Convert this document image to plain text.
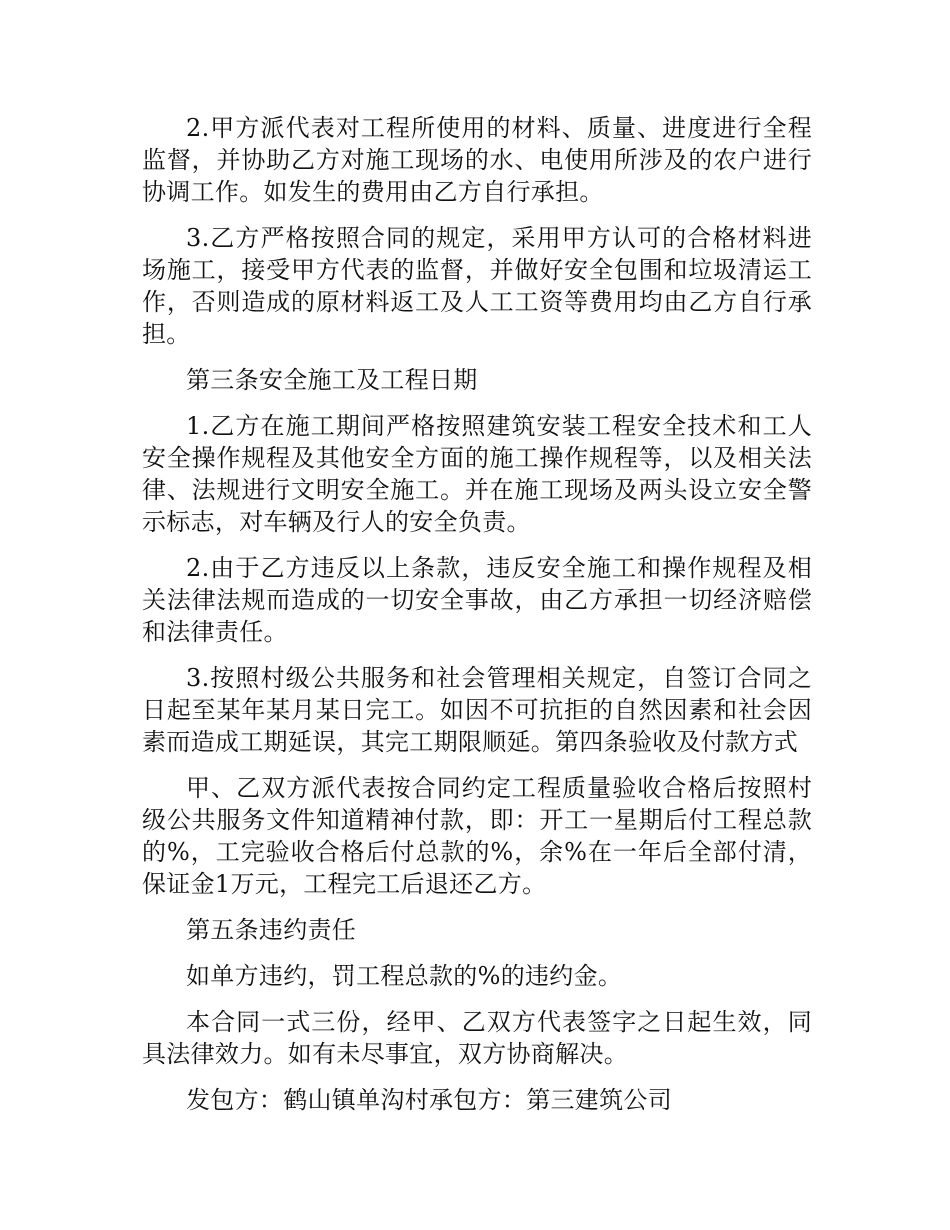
2.甲方派代表对工程所使用的材料、质量、进度进行全程监督，并协助乙方对施工现场的水、电使用所涉及的农户进行协调工作。如发生的费用由乙方自行承担。

3.乙方严格按照合同的规定，采用甲方认可的合格材料进场施工，接受甲方代表的监督，并做好安全包围和垃圾清运工作，否则造成的原材料返工及人工工资等费用均由乙方自行承担。

第三条安全施工及工程日期

1.乙方在施工期间严格按照建筑安装工程安全技术和工人安全操作规程及其他安全方面的施工操作规程等，以及相关法律、法规进行文明安全施工。并在施工现场及两头设立安全警示标志，对车辆及行人的安全负责。

2.由于乙方违反以上条款，违反安全施工和操作规程及相关法律法规而造成的一切安全事故，由乙方承担一切经济赔偿和法律责任。

3.按照村级公共服务和社会管理相关规定，自签订合同之日起至某年某月某日完工。如因不可抗拒的自然因素和社会因素而造成工期延误，其完工期限顺延。第四条验收及付款方式

甲、乙双方派代表按合同约定工程质量验收合格后按照村级公共服务文件知道精神付款，即：开工一星期后付工程总款的%，工完验收合格后付总款的%，余%在一年后全部付清，保证金1万元，工程完工后退还乙方。

第五条违约责任

如单方违约，罚工程总款的%的违约金。

本合同一式三份，经甲、乙双方代表签字之日起生效，同具法律效力。如有未尽事宜，双方协商解决。

发包方：鹤山镇单沟村承包方：第三建筑公司
